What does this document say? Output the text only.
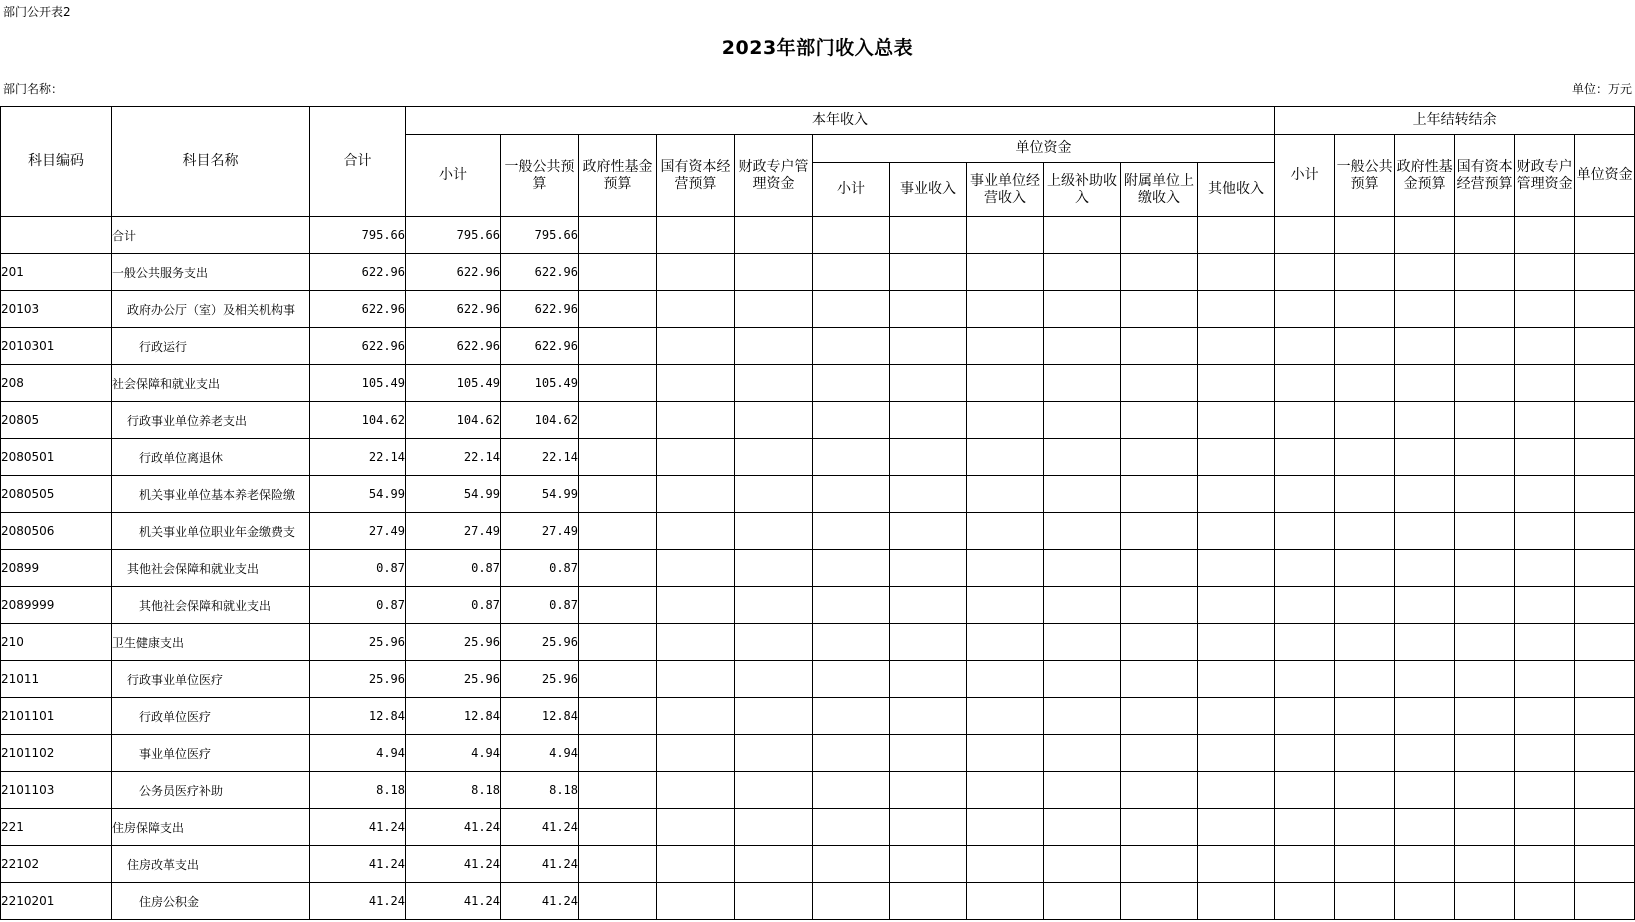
部门公开表2
2023年部门收入总表
部门名称：	单位：万元
科目编码	科目名称	合计	本年收入											上年结转结余					
			小计	一般公共预算	政府性基金预算	国有资本经营预算	财政专户管理资金	单位资金						小计	一般公共预算	政府性基金预算	国有资本经营预算	财政专户管理资金	单位资金
								小计	事业收入	事业单位经营收入	上级补助收入	附属单位上缴收入	其他收入						
	合计	795.66	795.66	795.66															
201	一般公共服务支出	622.96	622.96	622.96															
20103	政府办公厅（室）及相关机构事	622.96	622.96	622.96															
2010301	行政运行	622.96	622.96	622.96															
208	社会保障和就业支出	105.49	105.49	105.49															
20805	行政事业单位养老支出	104.62	104.62	104.62															
2080501	行政单位离退休	22.14	22.14	22.14															
2080505	机关事业单位基本养老保险缴	54.99	54.99	54.99															
2080506	机关事业单位职业年金缴费支	27.49	27.49	27.49															
20899	其他社会保障和就业支出	0.87	0.87	0.87															
2089999	其他社会保障和就业支出	0.87	0.87	0.87															
210	卫生健康支出	25.96	25.96	25.96															
21011	行政事业单位医疗	25.96	25.96	25.96															
2101101	行政单位医疗	12.84	12.84	12.84															
2101102	事业单位医疗	4.94	4.94	4.94															
2101103	公务员医疗补助	8.18	8.18	8.18															
221	住房保障支出	41.24	41.24	41.24															
22102	住房改革支出	41.24	41.24	41.24															
2210201	住房公积金	41.24	41.24	41.24															
